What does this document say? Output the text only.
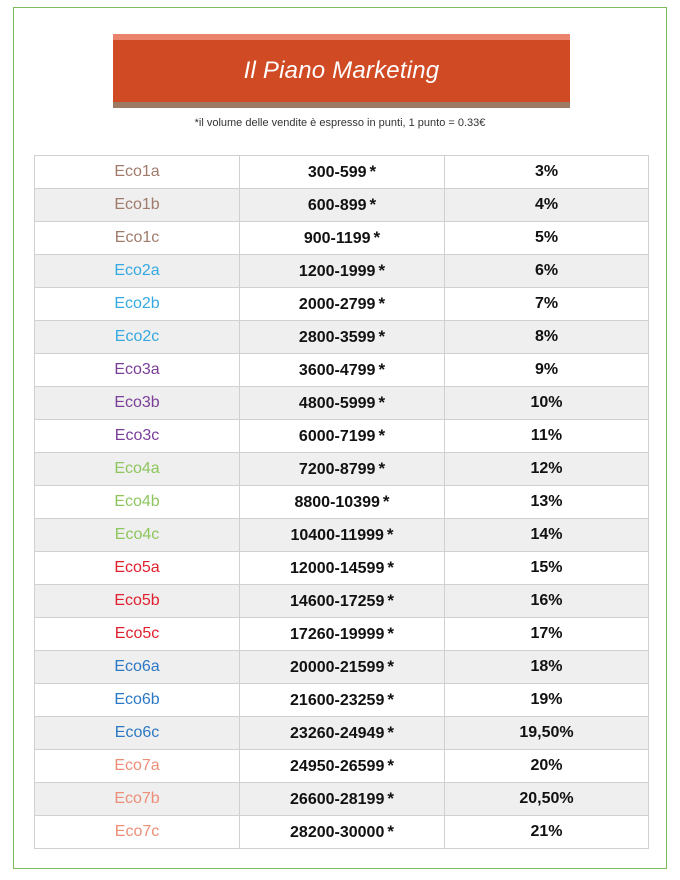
Il Piano Marketing
*il volume delle vendite è espresso in punti, 1 punto = 0.33€
Eco1a	300-599 *	3%
Eco1b	600-899 *	4%
Eco1c	900-1199 *	5%
Eco2a	1200-1999 *	6%
Eco2b	2000-2799 *	7%
Eco2c	2800-3599 *	8%
Eco3a	3600-4799 *	9%
Eco3b	4800-5999 *	10%
Eco3c	6000-7199 *	11%
Eco4a	7200-8799 *	12%
Eco4b	8800-10399 *	13%
Eco4c	10400-11999 *	14%
Eco5a	12000-14599 *	15%
Eco5b	14600-17259 *	16%
Eco5c	17260-19999 *	17%
Eco6a	20000-21599 *	18%
Eco6b	21600-23259 *	19%
Eco6c	23260-24949 *	19,50%
Eco7a	24950-26599 *	20%
Eco7b	26600-28199 *	20,50%
Eco7c	28200-30000 *	21%
